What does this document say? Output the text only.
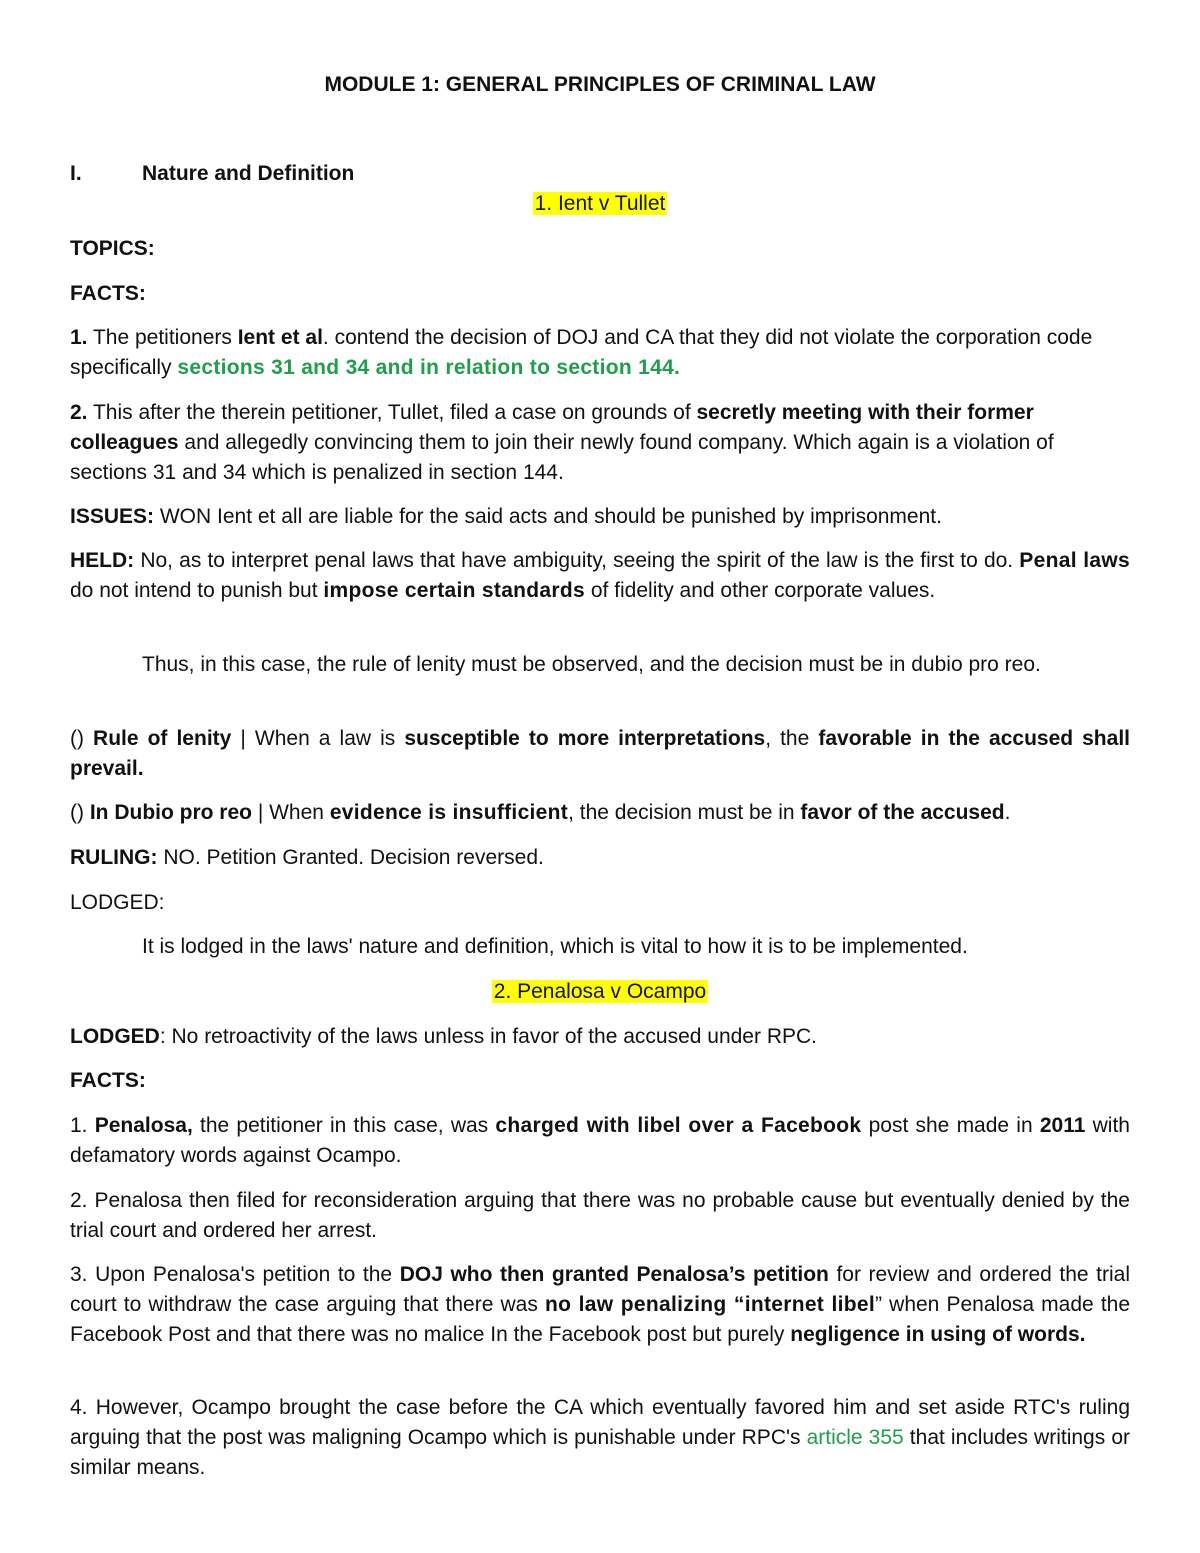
MODULE 1: GENERAL PRINCIPLES OF CRIMINAL LAW

I.	Nature and Definition

1. Ient v Tullet

TOPICS:

FACTS:

1. The petitioners Ient et al. contend the decision of DOJ and CA that they did not violate the corporation code specifically sections 31 and 34 and in relation to section 144.

2. This after the therein petitioner, Tullet, filed a case on grounds of secretly meeting with their former colleagues and allegedly convincing them to join their newly found company. Which again is a violation of sections 31 and 34 which is penalized in section 144.

ISSUES: WON Ient et all are liable for the said acts and should be punished by imprisonment.

HELD: No, as to interpret penal laws that have ambiguity, seeing the spirit of the law is the first to do. Penal laws do not intend to punish but impose certain standards of fidelity and other corporate values.

Thus, in this case, the rule of lenity must be observed, and the decision must be in dubio pro reo.

() Rule of lenity | When a law is susceptible to more interpretations, the favorable in the accused shall prevail.

() In Dubio pro reo | When evidence is insufficient, the decision must be in favor of the accused.

RULING: NO. Petition Granted. Decision reversed.

LODGED:

It is lodged in the laws' nature and definition, which is vital to how it is to be implemented.

2. Penalosa v Ocampo

LODGED: No retroactivity of the laws unless in favor of the accused under RPC.

FACTS:

1. Penalosa, the petitioner in this case, was charged with libel over a Facebook post she made in 2011 with defamatory words against Ocampo.

2. Penalosa then filed for reconsideration arguing that there was no probable cause but eventually denied by the trial court and ordered her arrest.

3. Upon Penalosa's petition to the DOJ who then granted Penalosa’s petition for review and ordered the trial court to withdraw the case arguing that there was no law penalizing “internet libel” when Penalosa made the Facebook Post and that there was no malice In the Facebook post but purely negligence in using of words.

4. However, Ocampo brought the case before the CA which eventually favored him and set aside RTC's ruling arguing that the post was maligning Ocampo which is punishable under RPC's article 355 that includes writings or similar means.
